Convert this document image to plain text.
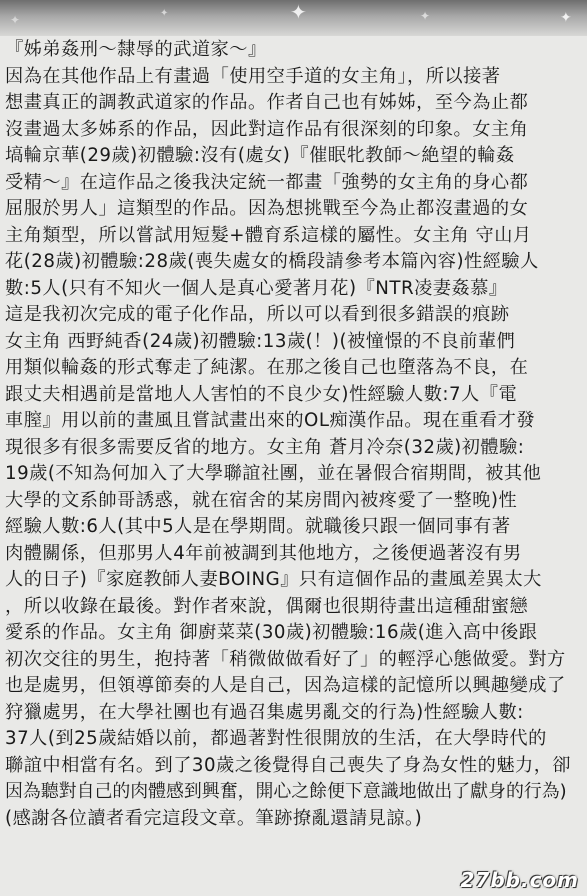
✦	✦
✦	✦	✦

『姊弟姦刑～隸辱的武道家～』

因為在其他作品上有畫過「使用空手道的女主角」，所以接著

想畫真正的調教武道家的作品。作者自己也有姊姊，至今為止都

沒畫過太多姊系的作品，因此對這作品有很深刻的印象。女主角

塙輪京華(29歲)初體驗:沒有(處女)『催眠牝教師～絶望的輪姦

受精～』在這作品之後我決定統一都畫「強勢的女主角的身心都

屈服於男人」這類型的作品。因為想挑戰至今為止都沒畫過的女

主角類型，所以嘗試用短髮+體育系這樣的屬性。女主角 守山月

花(28歲)初體驗:28歲(喪失處女的橋段請參考本篇內容)性經驗人

數:5人(只有不知火一個人是真心愛著月花)『NTR凌妻姦慕』

這是我初次完成的電子化作品，所以可以看到很多錯誤的痕跡

女主角 西野純香(24歲)初體驗:13歲(！)(被憧憬的不良前輩們

用類似輪姦的形式奪走了純潔。在那之後自己也墮落為不良，在

跟丈夫相遇前是當地人人害怕的不良少女)性經驗人數:7人『電

車膣』用以前的畫風且嘗試畫出來的OL痴漢作品。現在重看才發

現很多有很多需要反省的地方。女主角 蒼月冷奈(32歲)初體驗:

19歲(不知為何加入了大學聯誼社團，並在暑假合宿期間，被其他

大學的文系帥哥誘惑，就在宿舍的某房間內被疼愛了一整晚)性

經驗人數:6人(其中5人是在學期間。就職後只跟一個同事有著

肉體關係，但那男人4年前被調到其他地方，之後便過著沒有男

人的日子)『家庭教師人妻BOING』只有這個作品的畫風差異太大

，所以收錄在最後。對作者來說，偶爾也很期待畫出這種甜蜜戀

愛系的作品。女主角 御廚菜菜(30歲)初體驗:16歲(進入高中後跟

初次交往的男生，抱持著「稍微做做看好了」的輕浮心態做愛。對方

也是處男，但領導節奏的人是自己，因為這樣的記憶所以興趣變成了

狩獵處男，在大學社團也有過召集處男亂交的行為)性經驗人數:

37人(到25歲結婚以前，都過著對性很開放的生活，在大學時代的

聯誼中相當有名。到了30歲之後覺得自己喪失了身為女性的魅力，卻

因為聽對自己的肉體感到興奮，開心之餘便下意識地做出了獻身的行為)

(感謝各位讀者看完這段文章。筆跡撩亂還請見諒。)

27bb.com
